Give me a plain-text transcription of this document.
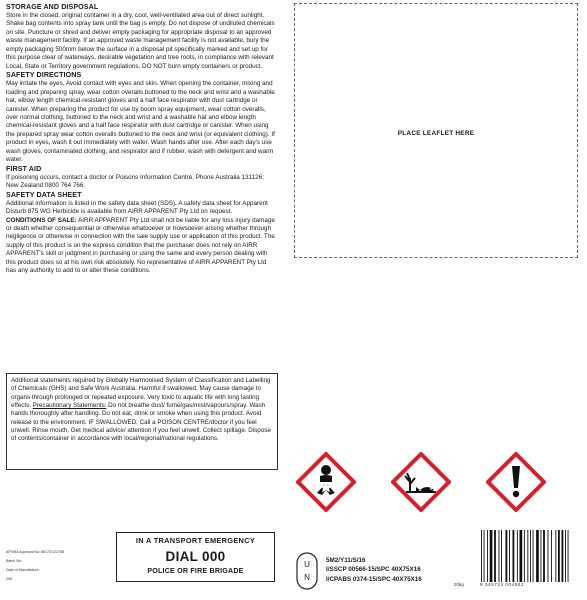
STORAGE AND DISPOSAL

Store in the closed, original container in a dry, cool, well-ventilated area out of direct sunlight. Shake bag contents into spray tank until the bag is empty. Do not dispose of undiluted chemicals on site. Puncture or shred and deliver empty packaging for appropriate disposal to an approved waste management facility. If an approved waste management facility is not available, bury the empty packaging 500mm below the surface in a disposal pit specifically marked and set up for this purpose clear of waterways, desirable vegetation and tree roots, in compliance with relevant Local, State or Territory government regulations. DO NOT burn empty containers or product.

SAFETY DIRECTIONS

May irritate the eyes. Avoid contact with eyes and skin. When opening the container, mixing and loading and preparing spray, wear cotton overalls buttoned to the neck and wrist and a washable hat, elbow length chemical-resistant gloves and a half face respirator with dust cartridge or canister. When preparing the product for use by boom spray equipment, wear cotton overalls, over normal clothing, buttoned to the neck and wrist and a washable hat and elbow length chemical-resistant gloves and a half face respirator with dust cartridge or canister. When using the prepared spray wear cotton overalls buttoned to the neck and wrist (or equivalent clothing). If product in eyes, wash it out immediately with water. Wash hands after use. After each day's use wash gloves, contaminated clothing, and respirator and if rubber, wash with detergent and warm water.

FIRST AID

If poisoning occurs, contact a doctor or Poisons Information Centre. Phone Australia 131126; New Zealand 0800 764 766.

SAFETY DATA SHEET

Additional information is listed in the safety data sheet (SDS). A safety data sheet for Apparent Disturb 875 WG Herbicide is available from AIRR APPARENT Pty Ltd on request.

CONDITIONS OF SALE: AIRR APPARENT Pty Ltd shall not be liable for any loss injury damage or death whether consequential or otherwise whatsoever or howsoever arising whether through negligence or otherwise in connection with the sale supply use or application of this product. The supply of this product is on the express condition that the purchaser does not rely on AIRR APPARENT's skill or judgment in purchasing or using the same and every person dealing with this product does so at his own risk absolutely. No representative of AIRR APPARENT Pty Ltd has any authority to add to or alter these conditions.

Additional statements required by Globally Harmonised System of Classification and Labelling of Chemicals (GHS) and Safe Work Australia: Harmful if swallowed. May cause damage to organs through prolonged or repeated exposure. Very toxic to aquatic life with long lasting effects. Precautionary Statements: Do not breathe dust/ fume/gas/mist/vapours/spray. Wash hands thoroughly after handling. Do not eat, drink or smoke when using this product. Avoid release to the environment. IF SWALLOWED: Call a POISON CENTRE/doctor if you feel unwell. Rinse mouth. Get medical advice/ attention if you feel unwell. Collect spillage. Dispose of contents/container in accordance with local/regional/national regulations.

PLACE LEAFLET HERE
APVMA Approval No: 88173/122788
Batch No:
Date of Manufacture:
298
IN A TRANSPORT EMERGENCY
DIAL 000
POLICE OR FIRE BRIGADE
U
N
5M2/Y11/S/16
I/SSCP 00566-15/SPC 40X75X16
I/CPABS 0374-15/SPC 40X75X16
20kg	9 345724 004581
